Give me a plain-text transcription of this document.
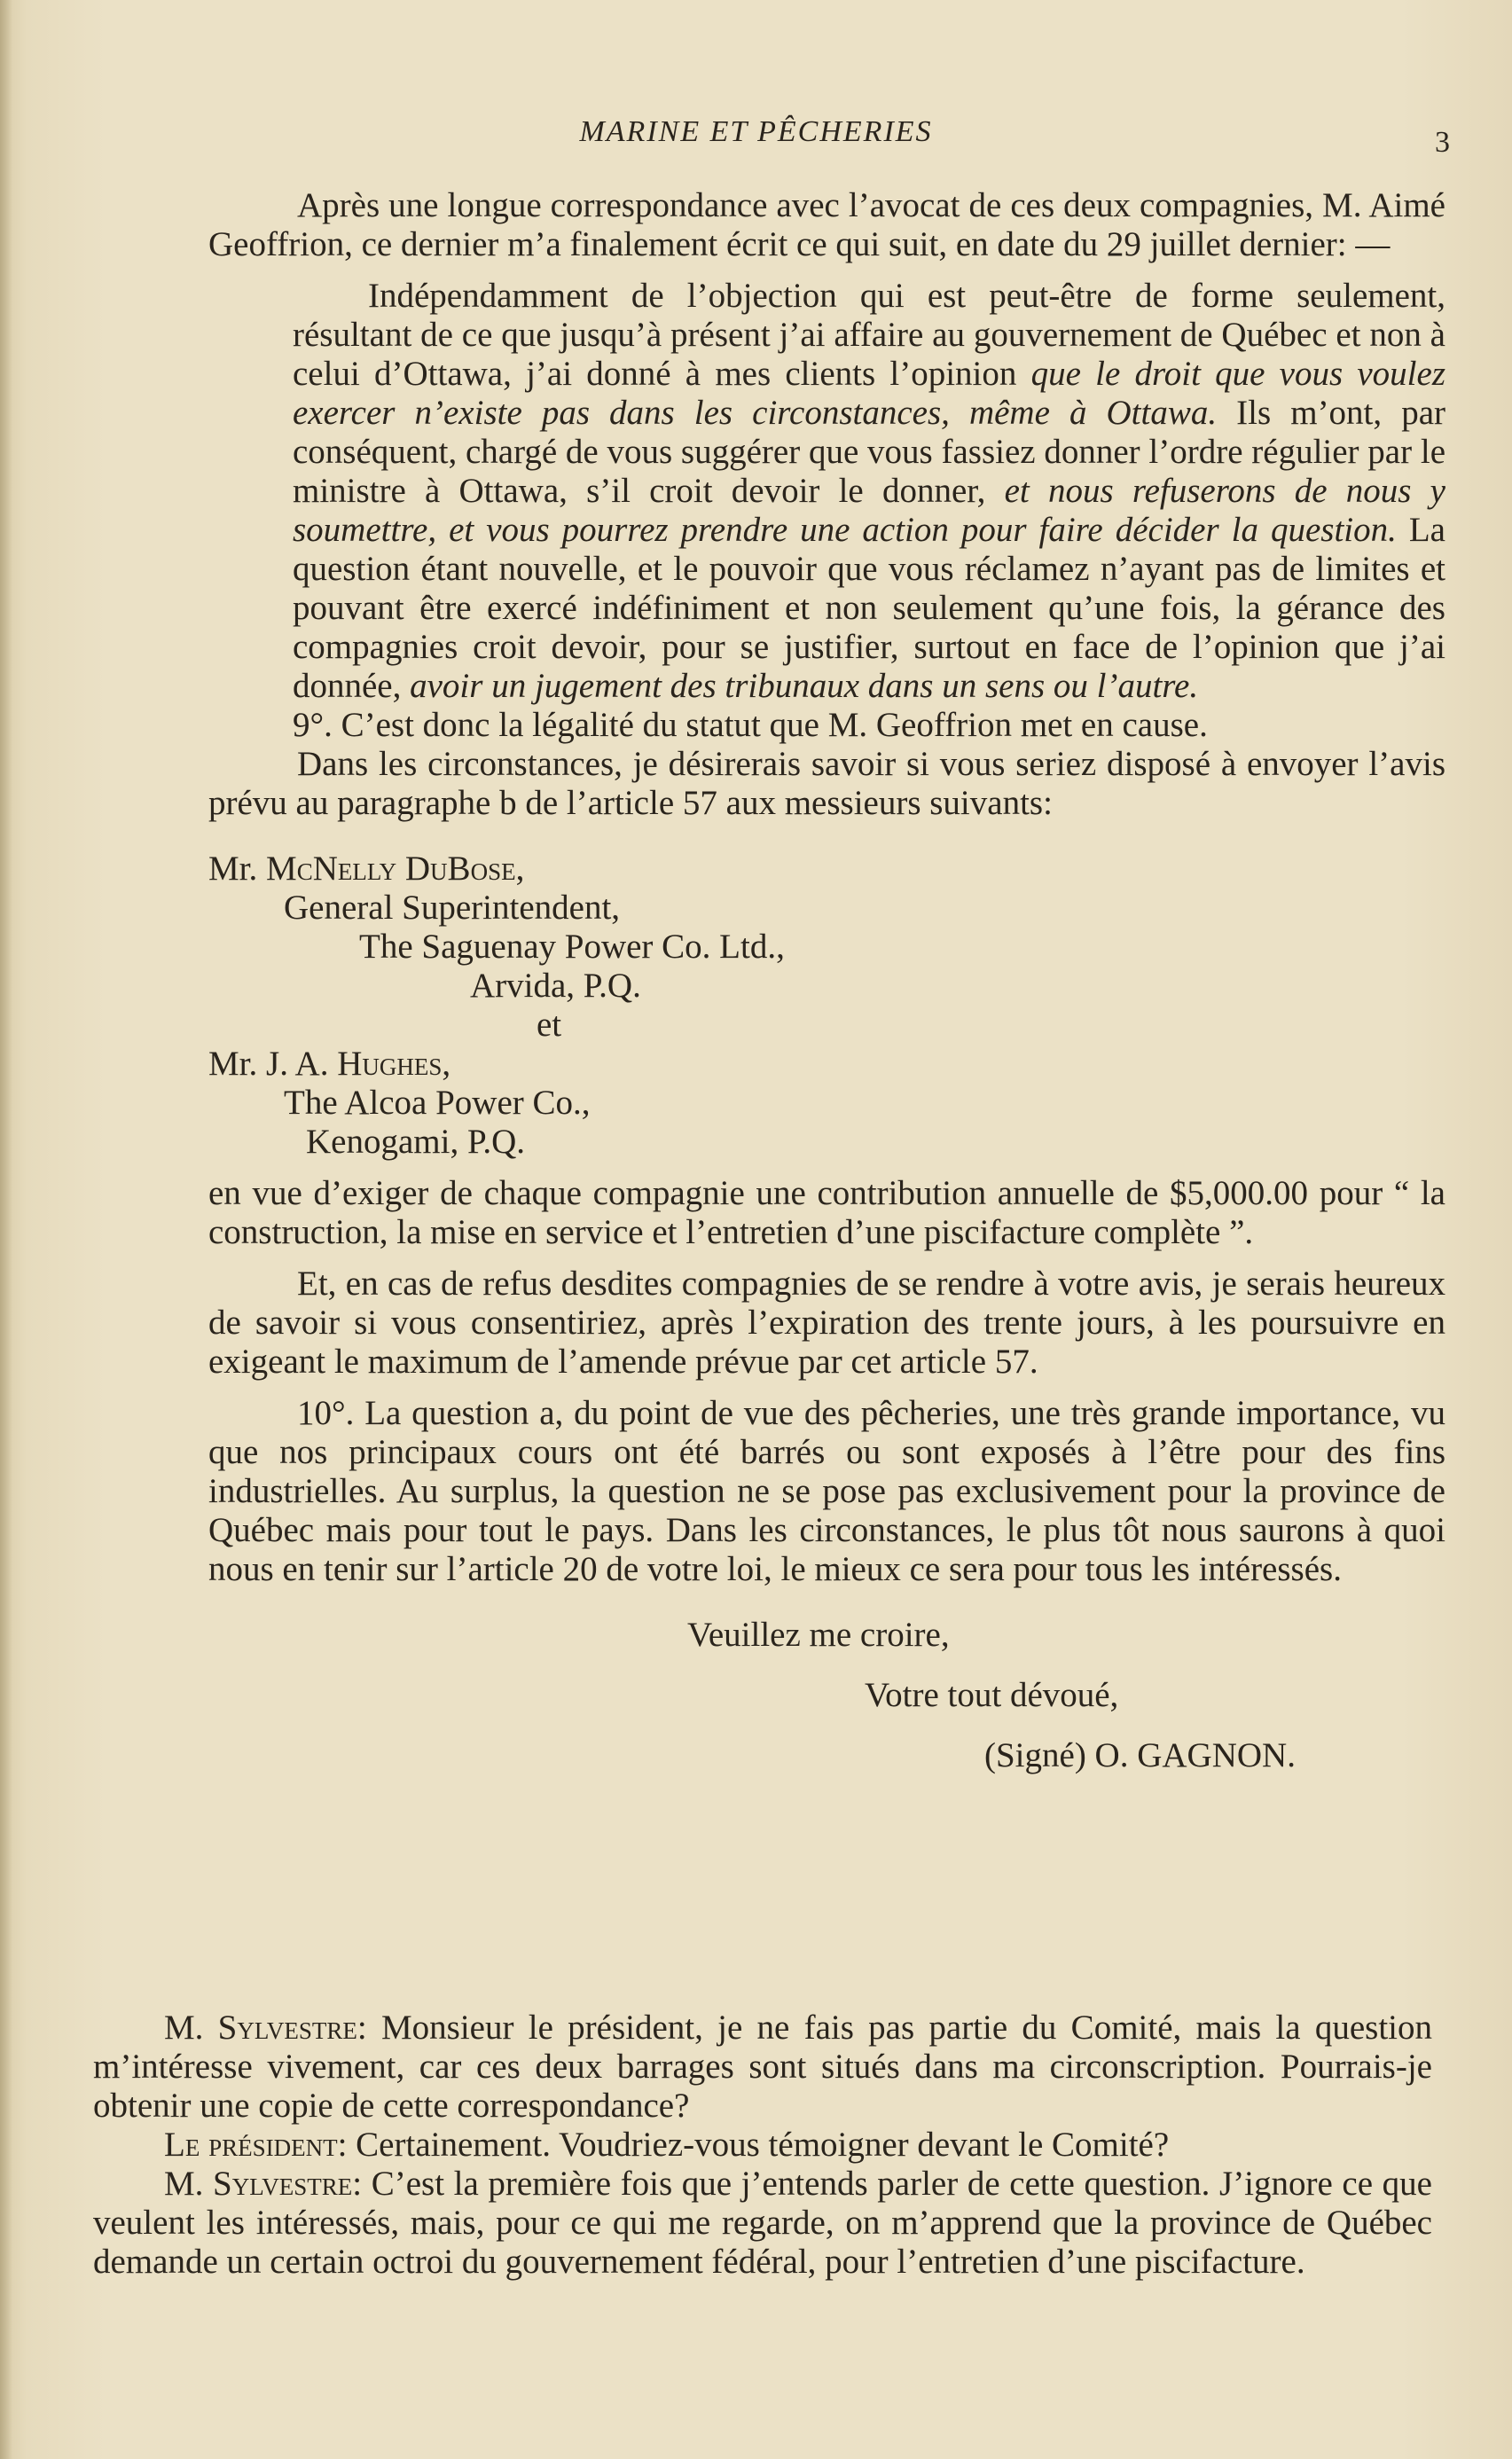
MARINE ET PÊCHERIES	3

Après une longue correspondance avec l’avocat de ces deux compagnies, M. Aimé Geoffrion, ce dernier m’a finalement écrit ce qui suit, en date du 29 juillet dernier: —

Indépendamment de l’objection qui est peut-être de forme seulement, résultant de ce que jusqu’à présent j’ai affaire au gouvernement de Québec et non à celui d’Ottawa, j’ai donné à mes clients l’opinion que le droit que vous voulez exercer n’existe pas dans les circonstances, même à Ottawa. Ils m’ont, par conséquent, chargé de vous suggérer que vous fassiez donner l’ordre régulier par le ministre à Ottawa, s’il croit devoir le donner, et nous refuserons de nous y soumettre, et vous pourrez prendre une action pour faire décider la question. La question étant nouvelle, et le pouvoir que vous réclamez n’ayant pas de limites et pouvant être exercé indéfiniment et non seulement qu’une fois, la gérance des compagnies croit devoir, pour se justifier, surtout en face de l’opinion que j’ai donnée, avoir un jugement des tribunaux dans un sens ou l’autre.

9°. C’est donc la légalité du statut que M. Geoffrion met en cause.

Dans les circonstances, je désirerais savoir si vous seriez disposé à envoyer l’avis prévu au paragraphe b de l’article 57 aux messieurs suivants:

Mr. McNelly DuBose,
General Superintendent,
The Saguenay Power Co. Ltd.,
Arvida, P.Q.
et
Mr. J. A. Hughes,
The Alcoa Power Co.,
Kenogami, P.Q.

en vue d’exiger de chaque compagnie une contribution annuelle de $5,000.00 pour “ la construction, la mise en service et l’entretien d’une piscifacture complète ”.

Et, en cas de refus desdites compagnies de se rendre à votre avis, je serais heureux de savoir si vous consentiriez, après l’expiration des trente jours, à les poursuivre en exigeant le maximum de l’amende prévue par cet article 57.

10°. La question a, du point de vue des pêcheries, une très grande importance, vu que nos principaux cours ont été barrés ou sont exposés à l’être pour des fins industrielles. Au surplus, la question ne se pose pas exclusivement pour la province de Québec mais pour tout le pays. Dans les circonstances, le plus tôt nous saurons à quoi nous en tenir sur l’article 20 de votre loi, le mieux ce sera pour tous les intéressés.

Veuillez me croire,
Votre tout dévoué,
(Signé) O. GAGNON.

M. Sylvestre: Monsieur le président, je ne fais pas partie du Comité, mais la question m’intéresse vivement, car ces deux barrages sont situés dans ma circonscription. Pourrais-je obtenir une copie de cette correspondance?

Le président: Certainement. Voudriez-vous témoigner devant le Comité?

M. Sylvestre: C’est la première fois que j’entends parler de cette question. J’ignore ce que veulent les intéressés, mais, pour ce qui me regarde, on m’apprend que la province de Québec demande un certain octroi du gouvernement fédéral, pour l’entretien d’une piscifacture.
